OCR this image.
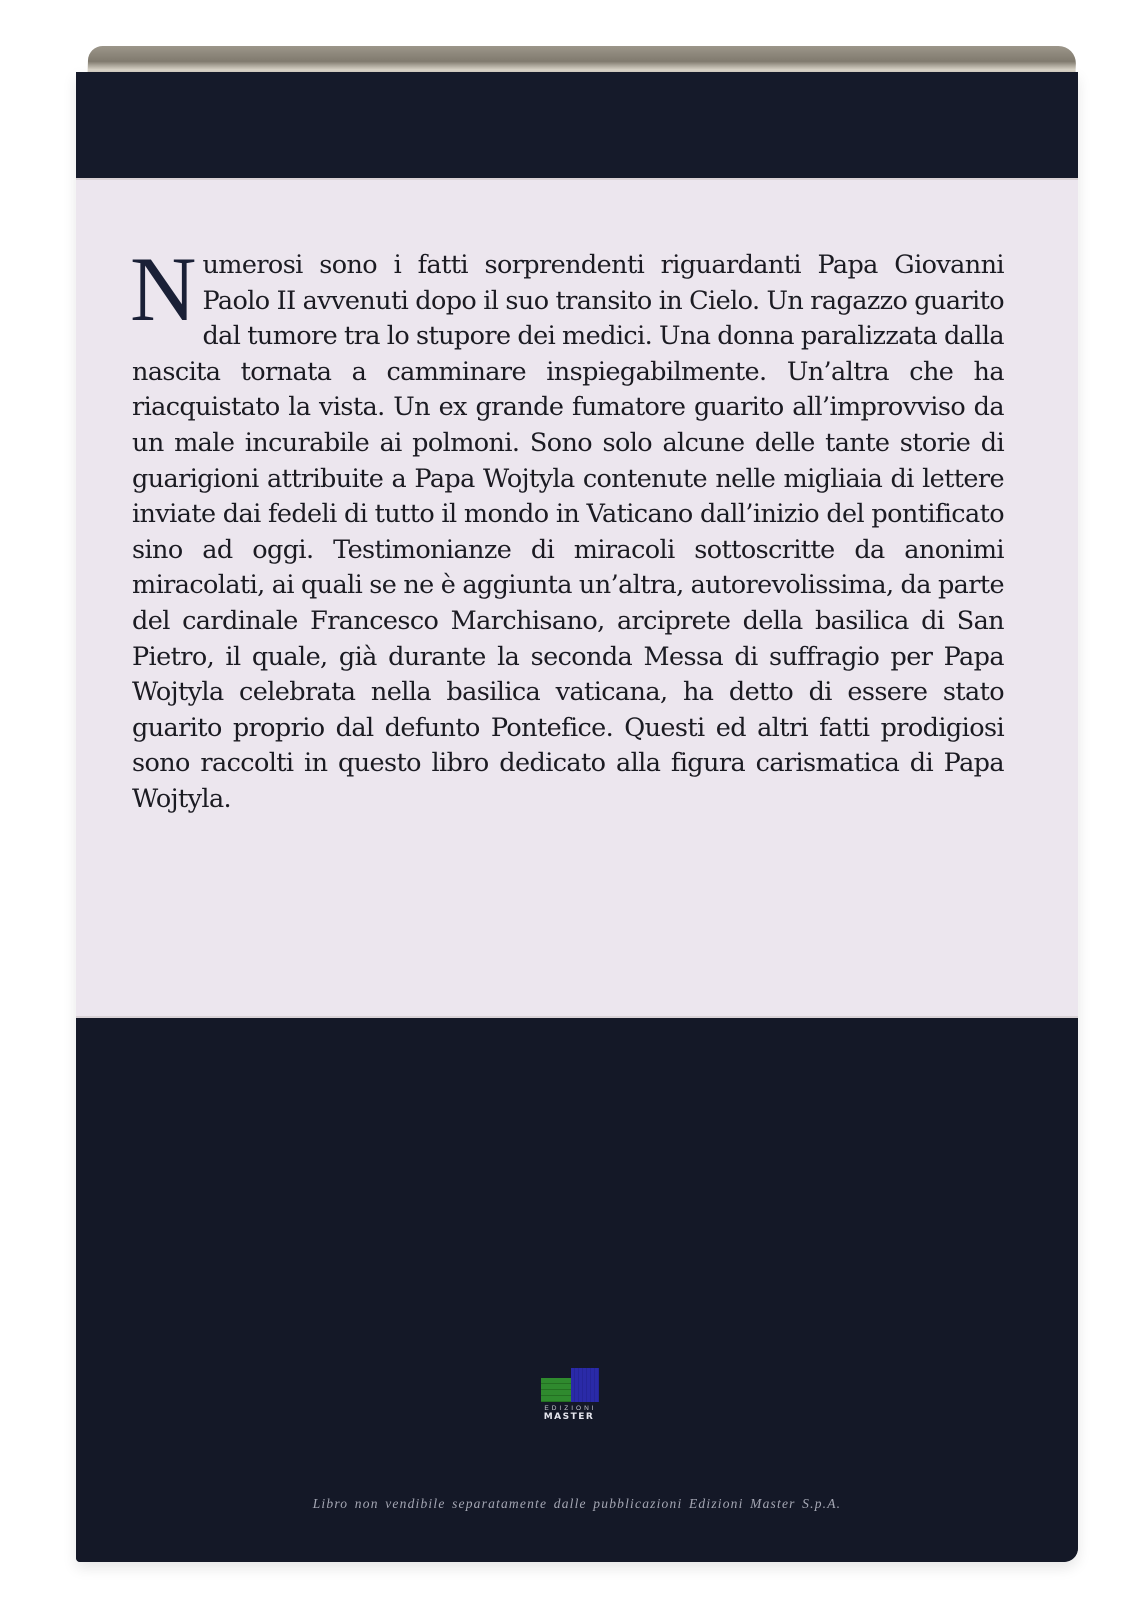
Numerosi sono i fatti sorprendenti riguardanti Papa Giovanni Paolo II avvenuti dopo il suo transito in Cielo. Un ragazzo guarito dal tumore tra lo stupore dei medici. Una donna paralizzata dalla nascita tornata a camminare inspiegabilmente. Un’altra che ha riacquistato la vista. Un ex grande fumatore guarito all’improvviso da un male incurabile ai polmoni. Sono solo alcune delle tante storie di guarigioni attribuite a Papa Wojtyla contenute nelle migliaia di lettere inviate dai fedeli di tutto il mondo in Vaticano dall’inizio del pontificato sino ad oggi. Testimonianze di miracoli sottoscritte da anonimi miracolati, ai quali se ne è aggiunta un’altra, autorevolissima, da parte del cardinale Francesco Marchisano, arciprete della basilica di San Pietro, il quale, già durante la seconda Messa di suffragio per Papa Wojtyla celebrata nella basilica vaticana, ha detto di essere stato guarito proprio dal defunto Pontefice. Questi ed altri fatti prodigiosi sono raccolti in questo libro dedicato alla figura carismatica di Papa Wojtyla.

EDIZIONI
MASTER
Libro non vendibile separatamente dalle pubblicazioni Edizioni Master S.p.A.
